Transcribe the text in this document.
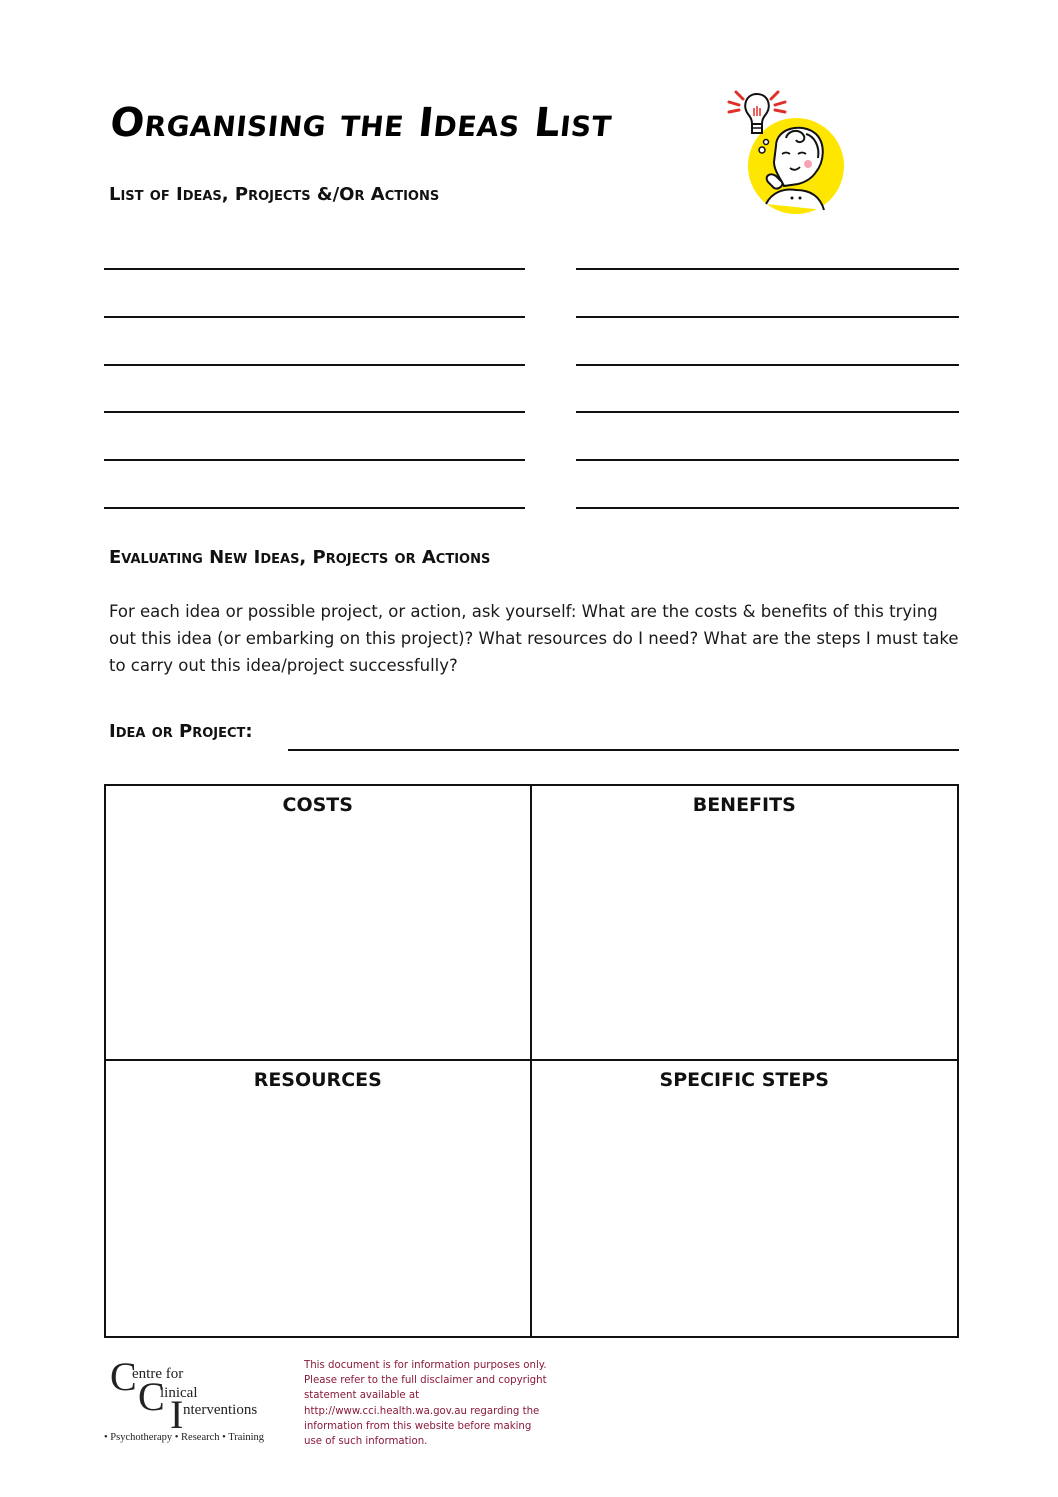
Organising the Ideas List
List of Ideas, Projects &/Or Actions
Evaluating New Ideas, Projects or Actions

For each idea or possible project, or action, ask yourself: What are the costs & benefits of this trying out this idea (or embarking on this project)? What resources do I need? What are the steps I must take to carry out this idea/project successfully?

Idea or Project:
COSTS	BENEFITS
RESOURCES	SPECIFIC STEPS
C
entre for
C
linical
I nterventions
• Psychotherapy • Research • Training

This document is for information purposes only. Please refer to the full disclaimer and copyright statement available at http://www.cci.health.wa.gov.au regarding the information from this website before making use of such information.
